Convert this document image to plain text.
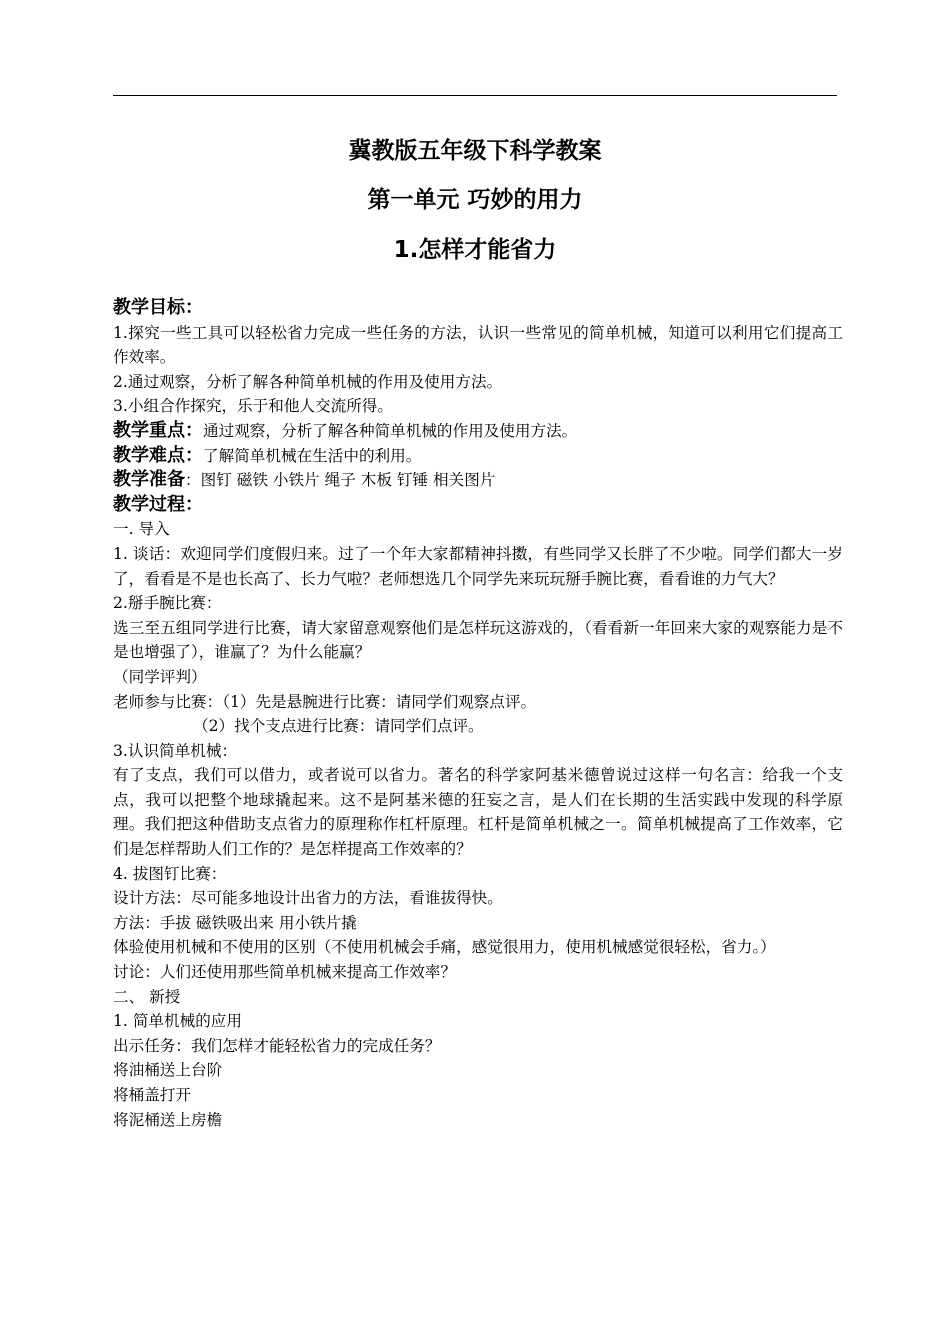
冀教版五年级下科学教案
第一单元 巧妙的用力
1.怎样才能省力

教学目标：

1.探究一些工具可以轻松省力完成一些任务的方法，认识一些常见的简单机械，知道可以利用它们提高工作效率。

2.通过观察，分析了解各种简单机械的作用及使用方法。

3.小组合作探究，乐于和他人交流所得。

教学重点：通过观察，分析了解各种简单机械的作用及使用方法。

教学难点：了解简单机械在生活中的利用。

教学准备：图钉 磁铁 小铁片 绳子 木板 钉锤 相关图片

教学过程：

一. 导入

1. 谈话：欢迎同学们度假归来。过了一个年大家都精神抖擞，有些同学又长胖了不少啦。同学们都大一岁了，看看是不是也长高了、长力气啦？老师想选几个同学先来玩玩掰手腕比赛，看看谁的力气大？

2.掰手腕比赛：

选三至五组同学进行比赛，请大家留意观察他们是怎样玩这游戏的，（看看新一年回来大家的观察能力是不是也增强了），谁赢了？为什么能赢？

（同学评判）

老师参与比赛：（1）先是悬腕进行比赛：请同学们观察点评。

（2）找个支点进行比赛：请同学们点评。

3.认识简单机械：

有了支点，我们可以借力，或者说可以省力。著名的科学家阿基米德曾说过这样一句名言：给我一个支点，我可以把整个地球撬起来。这不是阿基米德的狂妄之言，是人们在长期的生活实践中发现的科学原理。我们把这种借助支点省力的原理称作杠杆原理。杠杆是简单机械之一。简单机械提高了工作效率，它们是怎样帮助人们工作的？是怎样提高工作效率的？

4. 拔图钉比赛：

设计方法：尽可能多地设计出省力的方法，看谁拔得快。

方法：手拔 磁铁吸出来 用小铁片撬

体验使用机械和不使用的区别（不使用机械会手痛，感觉很用力，使用机械感觉很轻松，省力。）

讨论：人们还使用那些简单机械来提高工作效率？

二、 新授

1. 简单机械的应用

出示任务：我们怎样才能轻松省力的完成任务？

将油桶送上台阶

将桶盖打开

将泥桶送上房檐
